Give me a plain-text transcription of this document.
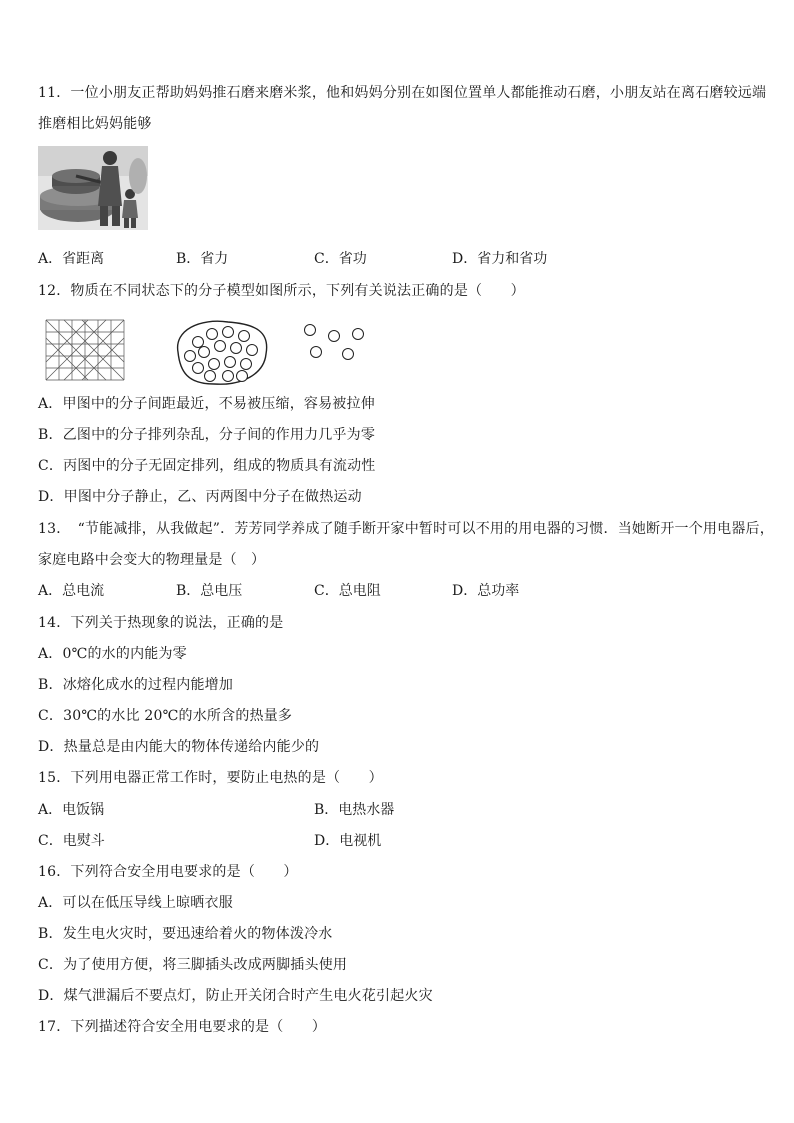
11．一位小朋友正帮助妈妈推石磨来磨米浆，他和妈妈分别在如图位置单人都能推动石磨，小朋友站在离石磨较远端
推磨相比妈妈能够
A．省距离	B．省力	C．省功	D．省力和省功
12．物质在不同状态下的分子模型如图所示，下列有关说法正确的是（　　）
A．甲图中的分子间距最近，不易被压缩，容易被拉伸
B．乙图中的分子排列杂乱，分子间的作用力几乎为零
C．丙图中的分子无固定排列，组成的物质具有流动性
D．甲图中分子静止，乙、丙两图中分子在做热运动
13．　“节能减排，从我做起”．芳芳同学养成了随手断开家中暂时可以不用的用电器的习惯．当她断开一个用电器后，
家庭电路中会变大的物理量是（　）
A．总电流	B．总电压	C．总电阻	D．总功率
14．下列关于热现象的说法，正确的是
A．0℃的水的内能为零
B．冰熔化成水的过程内能增加
C．30℃的水比 20℃的水所含的热量多
D．热量总是由内能大的物体传递给内能少的
15．下列用电器正常工作时，要防止电热的是（　　）
A．电饭锅	B．电热水器
C．电熨斗	D．电视机
16．下列符合安全用电要求的是（　　）
A．可以在低压导线上晾晒衣服
B．发生电火灾时，要迅速给着火的物体泼冷水
C．为了使用方便，将三脚插头改成两脚插头使用
D．煤气泄漏后不要点灯，防止开关闭合时产生电火花引起火灾
17．下列描述符合安全用电要求的是（　　）
